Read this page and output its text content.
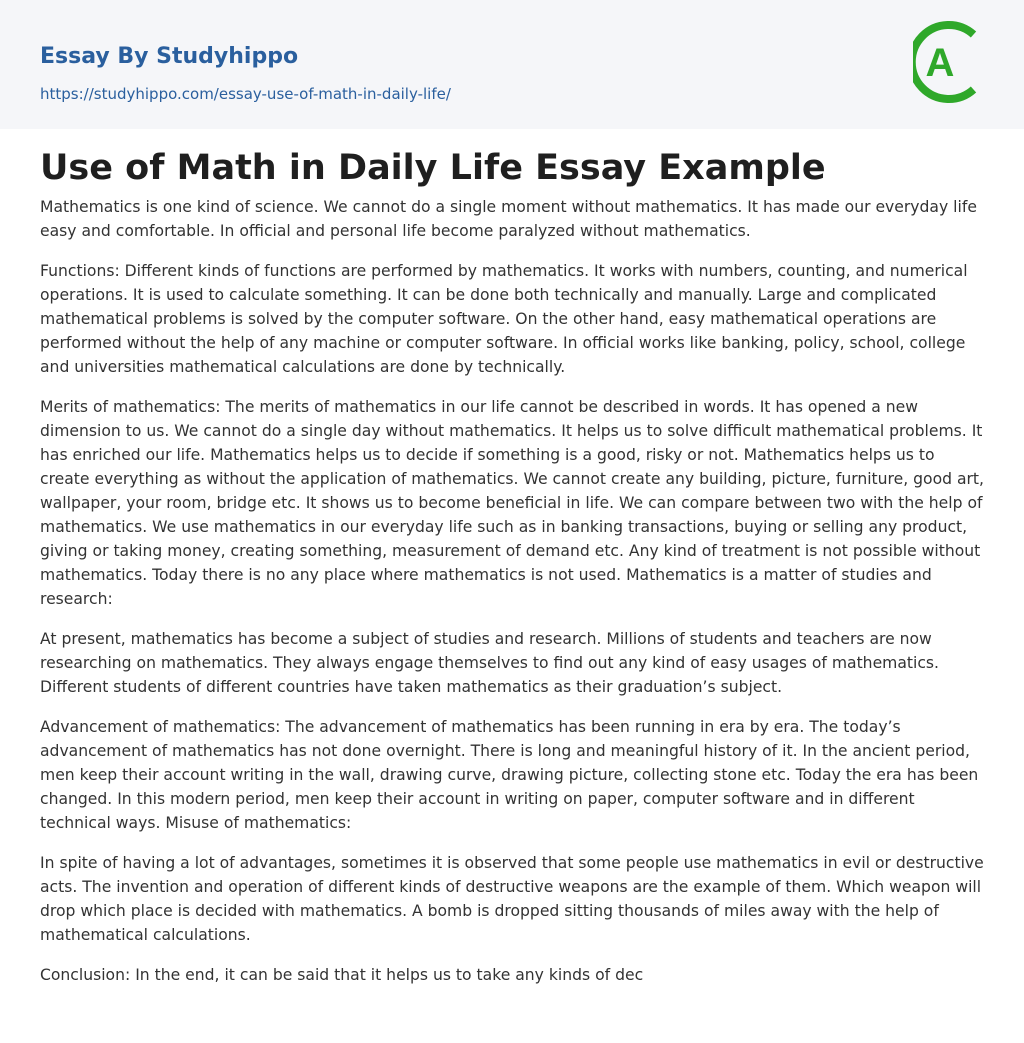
Essay By Studyhippo
https://studyhippo.com/essay-use-of-math-in-daily-life/
A
Use of Math in Daily Life Essay Example

Mathematics is one kind of science. We cannot do a single moment without mathematics. It has made our everyday life easy and comfortable. In official and personal life become paralyzed without mathematics.

Functions: Different kinds of functions are performed by mathematics. It works with numbers, counting, and numerical operations. It is used to calculate something. It can be done both technically and manually. Large and complicated mathematical problems is solved by the computer software. On the other hand, easy mathematical operations are performed without the help of any machine or computer software. In official works like banking, policy, school, college and universities mathematical calculations are done by technically.

Merits of mathematics: The merits of mathematics in our life cannot be described in words. It has opened a new dimension to us. We cannot do a single day without mathematics. It helps us to solve difficult mathematical problems. It has enriched our life. Mathematics helps us to decide if something is a good, risky or not. Mathematics helps us to create everything as without the application of mathematics. We cannot create any building, picture, furniture, good art, wallpaper, your room, bridge etc. It shows us to become beneficial in life. We can compare between two with the help of mathematics. We use mathematics in our everyday life such as in banking transactions, buying or selling any product, giving or taking money, creating something, measurement of demand etc. Any kind of treatment is not possible without mathematics. Today there is no any place where mathematics is not used. Mathematics is a matter of studies and research:

At present, mathematics has become a subject of studies and research. Millions of students and teachers are now researching on mathematics. They always engage themselves to find out any kind of easy usages of mathematics. Different students of different countries have taken mathematics as their graduation’s subject.

Advancement of mathematics: The advancement of mathematics has been running in era by era. The today’s advancement of mathematics has not done overnight. There is long and meaningful history of it. In the ancient period, men keep their account writing in the wall, drawing curve, drawing picture, collecting stone etc. Today the era has been changed. In this modern period, men keep their account in writing on paper, computer software and in different technical ways. Misuse of mathematics:

In spite of having a lot of advantages, sometimes it is observed that some people use mathematics in evil or destructive acts. The invention and operation of different kinds of destructive weapons are the example of them. Which weapon will drop which place is decided with mathematics. A bomb is dropped sitting thousands of miles away with the help of mathematical calculations.

Conclusion: In the end, it can be said that it helps us to take any kinds of dec
